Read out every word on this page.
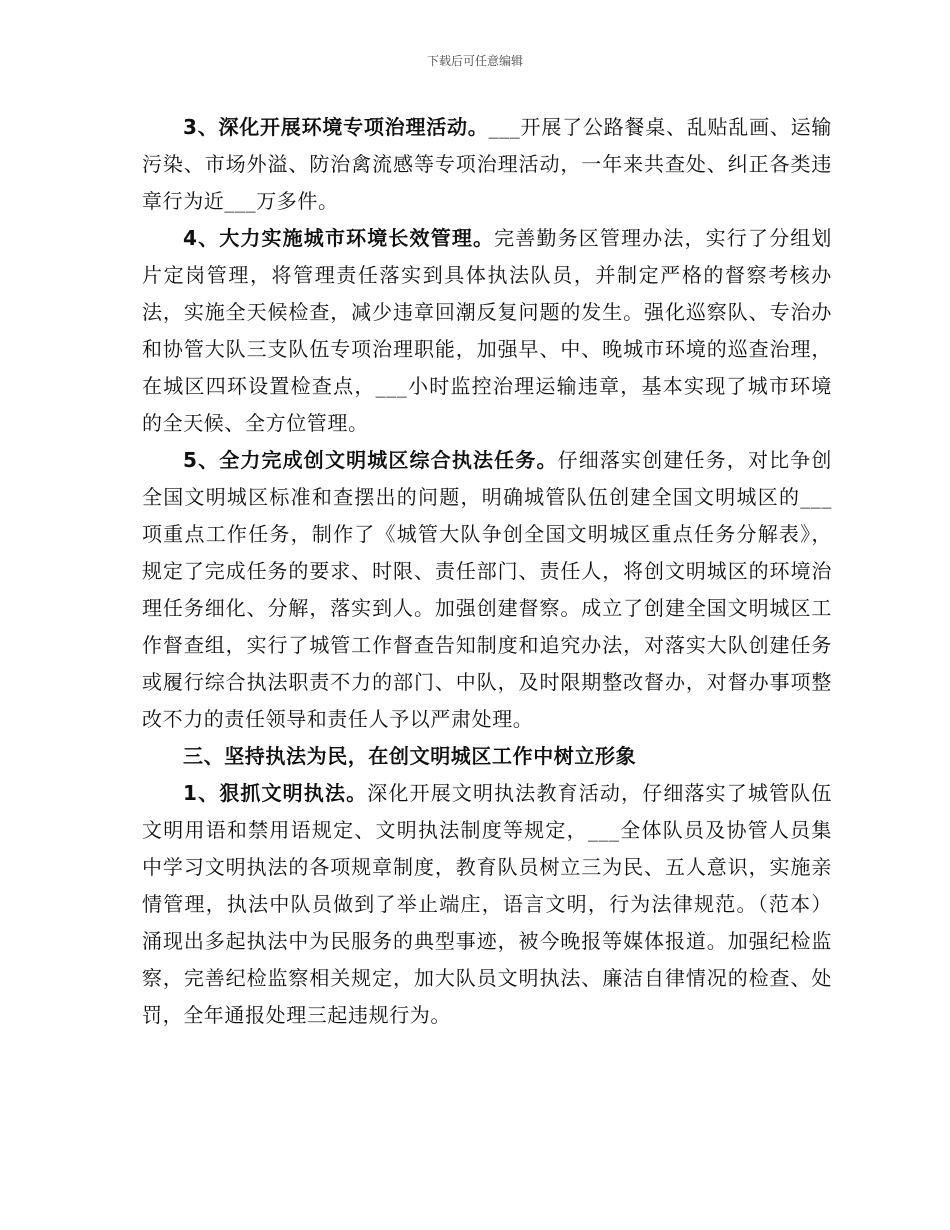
下载后可任意编辑

3、深化开展环境专项治理活动。___开展了公路餐桌、乱贴乱画、运输污染、市场外溢、防治禽流感等专项治理活动，一年来共查处、纠正各类违章行为近___万多件。

4、大力实施城市环境长效管理。完善勤务区管理办法，实行了分组划片定岗管理，将管理责任落实到具体执法队员，并制定严格的督察考核办法，实施全天候检查，减少违章回潮反复问题的发生。强化巡察队、专治办和协管大队三支队伍专项治理职能，加强早、中、晚城市环境的巡查治理，在城区四环设置检查点，___小时监控治理运输违章，基本实现了城市环境的全天候、全方位管理。

5、全力完成创文明城区综合执法任务。仔细落实创建任务，对比争创全国文明城区标准和查摆出的问题，明确城管队伍创建全国文明城区的___项重点工作任务，制作了《城管大队争创全国文明城区重点任务分解表》，规定了完成任务的要求、时限、责任部门、责任人，将创文明城区的环境治理任务细化、分解，落实到人。加强创建督察。成立了创建全国文明城区工作督查组，实行了城管工作督查告知制度和追究办法，对落实大队创建任务或履行综合执法职责不力的部门、中队，及时限期整改督办，对督办事项整改不力的责任领导和责任人予以严肃处理。

三、坚持执法为民，在创文明城区工作中树立形象

1、狠抓文明执法。深化开展文明执法教育活动，仔细落实了城管队伍文明用语和禁用语规定、文明执法制度等规定，___全体队员及协管人员集中学习文明执法的各项规章制度，教育队员树立三为民、五人意识，实施亲情管理，执法中队员做到了举止端庄，语言文明，行为法律规范。（范本）涌现出多起执法中为民服务的典型事迹，被今晚报等媒体报道。加强纪检监察，完善纪检监察相关规定，加大队员文明执法、廉洁自律情况的检查、处罚，全年通报处理三起违规行为。
